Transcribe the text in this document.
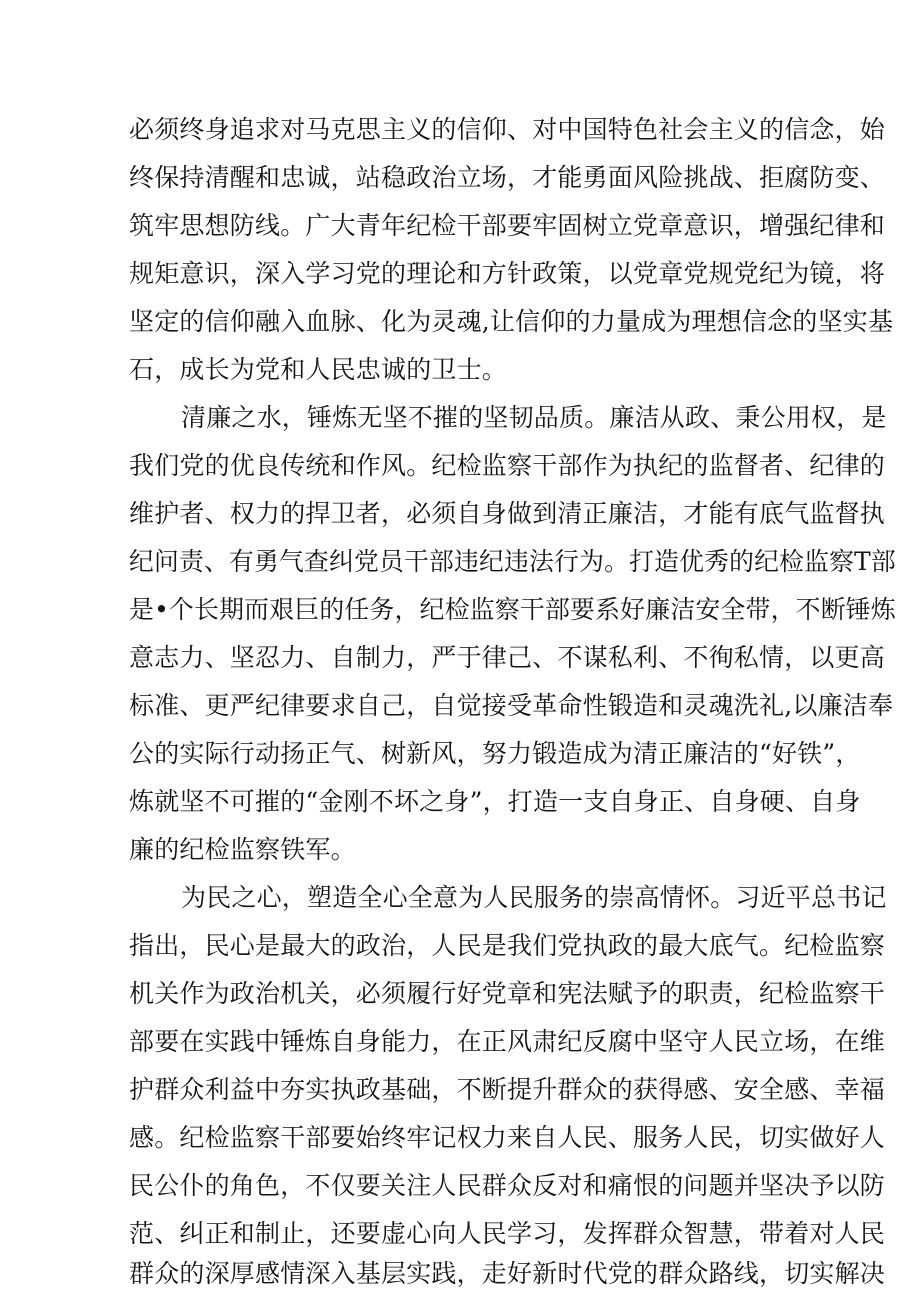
必须终身追求对马克思主义的信仰、对中国特色社会主义的信念，始
终保持清醒和忠诚，站稳政治立场，才能勇面风险挑战、拒腐防变、
筑牢思想防线。广大青年纪检干部要牢固树立党章意识，增强纪律和
规矩意识，深入学习党的理论和方针政策，以党章党规党纪为镜，将
坚定的信仰融入血脉、化为灵魂,让信仰的力量成为理想信念的坚实基
石，成长为党和人民忠诚的卫士。
清廉之水，锤炼无坚不摧的坚韧品质。廉洁从政、秉公用权，是
我们党的优良传统和作风。纪检监察干部作为执纪的监督者、纪律的
维护者、权力的捍卫者，必须自身做到清正廉洁，才能有底气监督执
纪问责、有勇气查纠党员干部违纪违法行为。打造优秀的纪检监察T部
是•个长期而艰巨的任务，纪检监察干部要系好廉洁安全带，不断锤炼
意志力、坚忍力、自制力，严于律己、不谋私利、不徇私情，以更高
标准、更严纪律要求自己，自觉接受革命性锻造和灵魂洗礼,以廉洁奉
公的实际行动扬正气、树新风，努力锻造成为清正廉洁的“好铁”，
炼就坚不可摧的“金刚不坏之身”，打造一支自身正、自身硬、自身
廉的纪检监察铁军。
为民之心，塑造全心全意为人民服务的崇高情怀。习近平总书记
指出，民心是最大的政治，人民是我们党执政的最大底气。纪检监察
机关作为政治机关，必须履行好党章和宪法赋予的职责，纪检监察干
部要在实践中锤炼自身能力，在正风肃纪反腐中坚守人民立场，在维
护群众利益中夯实执政基础，不断提升群众的获得感、安全感、幸福
感。纪检监察干部要始终牢记权力来自人民、服务人民，切实做好人
民公仆的角色，不仅要关注人民群众反对和痛恨的问题并坚决予以防
范、纠正和制止，还要虚心向人民学习，发挥群众智慧，带着对人民
群众的深厚感情深入基层实践，走好新时代党的群众路线，切实解决
